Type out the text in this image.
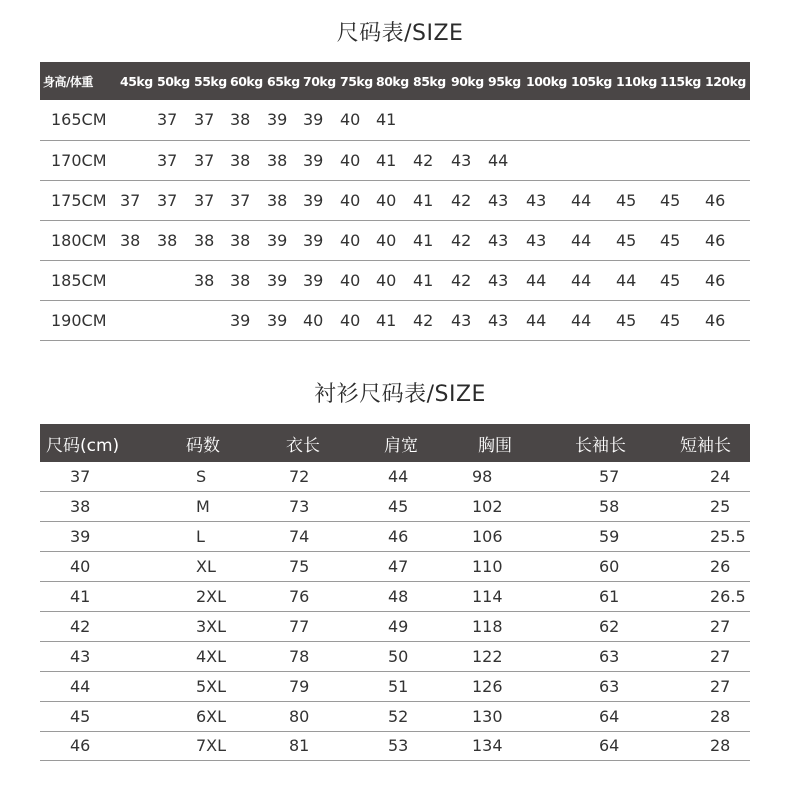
尺码表/SIZE
身高/体重	45kg	50kg	55kg	60kg	65kg	70kg	75kg	80kg	85kg	90kg	95kg	100kg	105kg	110kg	115kg	120kg
165CM		37	37	38	39	39	40	41								
170CM		37	37	38	38	39	40	41	42	43	44					
175CM	37	37	37	37	38	39	40	40	41	42	43	43	44	45	45	46
180CM	38	38	38	38	39	39	40	40	41	42	43	43	44	45	45	46
185CM			38	38	39	39	40	40	41	42	43	44	44	44	45	46
190CM				39	39	40	40	41	42	43	43	44	44	45	45	46
衬衫尺码表/SIZE
尺码(cm)	码数	衣长	肩宽	胸围	长袖长	短袖长
37	S	72	44	98	57	24
38	M	73	45	102	58	25
39	L	74	46	106	59	25.5
40	XL	75	47	110	60	26
41	2XL	76	48	114	61	26.5
42	3XL	77	49	118	62	27
43	4XL	78	50	122	63	27
44	5XL	79	51	126	63	27
45	6XL	80	52	130	64	28
46	7XL	81	53	134	64	28
